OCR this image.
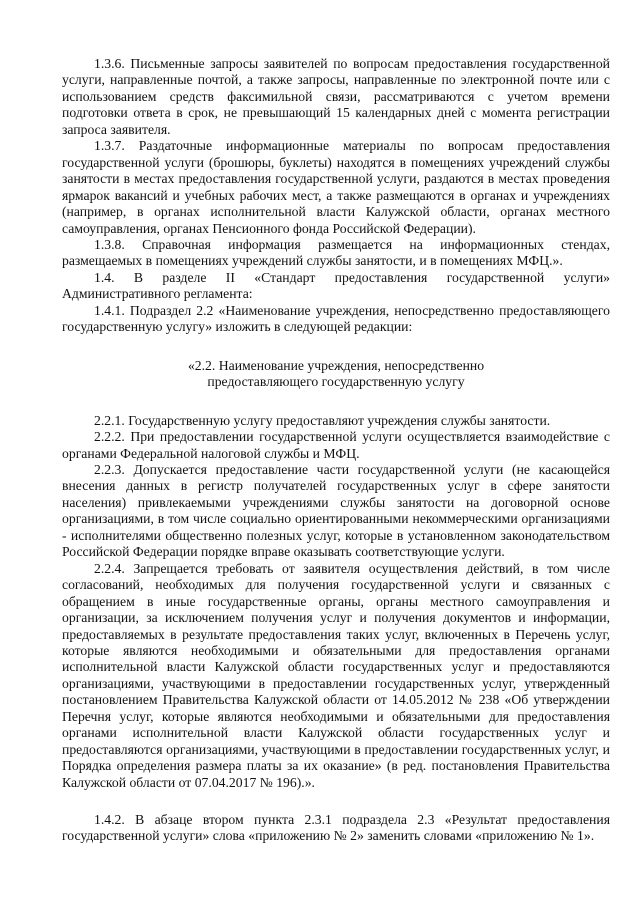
1.3.6. Письменные запросы заявителей по вопросам предоставления государственной услуги, направленные почтой, а также запросы, направленные по электронной почте или с использованием средств факсимильной связи, рассматриваются с учетом времени подготовки ответа в срок, не превышающий 15 календарных дней с момента регистрации запроса заявителя.

1.3.7. Раздаточные информационные материалы по вопросам предоставления государственной услуги (брошюры, буклеты) находятся в помещениях учреждений службы занятости в местах предоставления государственной услуги, раздаются в местах проведения ярмарок вакансий и учебных рабочих мест, а также размещаются в органах и учреждениях (например, в органах исполнительной власти Калужской области, органах местного самоуправления, органах Пенсионного фонда Российской Федерации).

1.3.8. Справочная информация размещается на информационных стендах, размещаемых в помещениях учреждений службы занятости, и в помещениях МФЦ.».

1.4. В разделе II «Стандарт предоставления государственной услуги» Административного регламента:

1.4.1. Подраздел 2.2 «Наименование учреждения, непосредственно предоставляющего государственную услугу» изложить в следующей редакции:

«2.2. Наименование учреждения, непосредственно
предоставляющего государственную услугу

2.2.1. Государственную услугу предоставляют учреждения службы занятости.

2.2.2. При предоставлении государственной услуги осуществляется взаимодействие с органами Федеральной налоговой службы и МФЦ.

2.2.3. Допускается предоставление части государственной услуги (не касающейся внесения данных в регистр получателей государственных услуг в сфере занятости населения) привлекаемыми учреждениями службы занятости на договорной основе организациями, в том числе социально ориентированными некоммерческими организациями - исполнителями общественно полезных услуг, которые в установленном законодательством Российской Федерации порядке вправе оказывать соответствующие услуги.

2.2.4. Запрещается требовать от заявителя осуществления действий, в том числе согласований, необходимых для получения государственной услуги и связанных с обращением в иные государственные органы, органы местного самоуправления и организации, за исключением получения услуг и получения документов и информации, предоставляемых в результате предоставления таких услуг, включенных в Перечень услуг, которые являются необходимыми и обязательными для предоставления органами исполнительной власти Калужской области государственных услуг и предоставляются организациями, участвующими в предоставлении государственных услуг, утвержденный постановлением Правительства Калужской области от 14.05.2012 № 238 «Об утверждении Перечня услуг, которые являются необходимыми и обязательными для предоставления органами исполнительной власти Калужской области государственных услуг и предоставляются организациями, участвующими в предоставлении государственных услуг, и Порядка определения размера платы за их оказание» (в ред. постановления Правительства Калужской области от 07.04.2017 № 196).».

1.4.2. В абзаце втором пункта 2.3.1 подраздела 2.3 «Результат предоставления государственной услуги» слова «приложению № 2» заменить словами «приложению № 1».
